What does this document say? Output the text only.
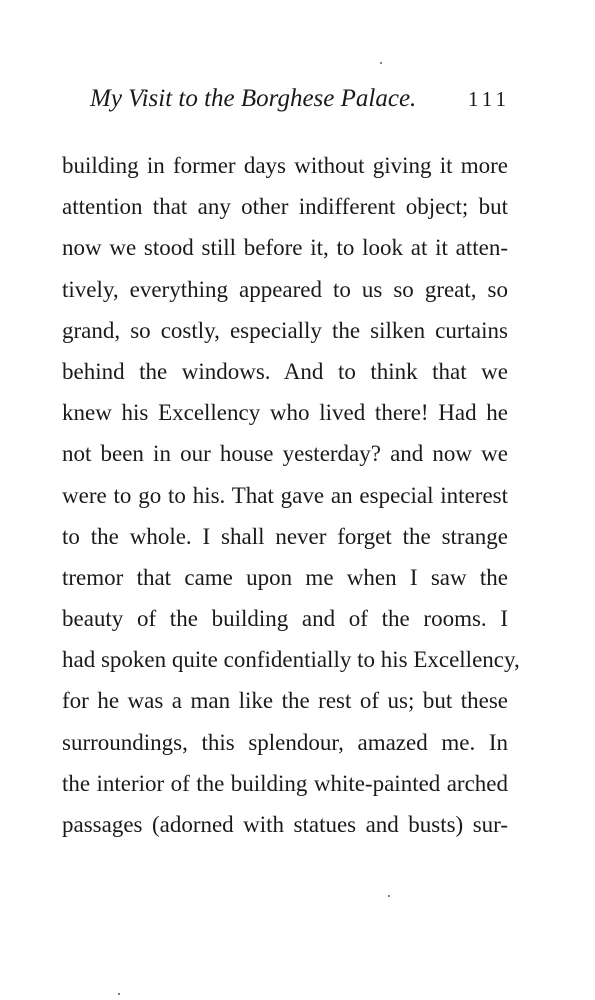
My Visit to the Borghese Palace. 111
building in former days without giving it more
attention that any other indifferent object; but
now we stood still before it, to look at it atten-
tively, everything appeared to us so great, so
grand, so costly, especially the silken curtains
behind the windows. And to think that we
knew his Excellency who lived there! Had he
not been in our house yesterday? and now we
were to go to his. That gave an especial interest
to the whole. I shall never forget the strange
tremor that came upon me when I saw the
beauty of the building and of the rooms. I
had spoken quite confidentially to his Excellency,
for he was a man like the rest of us; but these
surroundings, this splendour, amazed me. In
the interior of the building white-painted arched
passages (adorned with statues and busts) sur-
